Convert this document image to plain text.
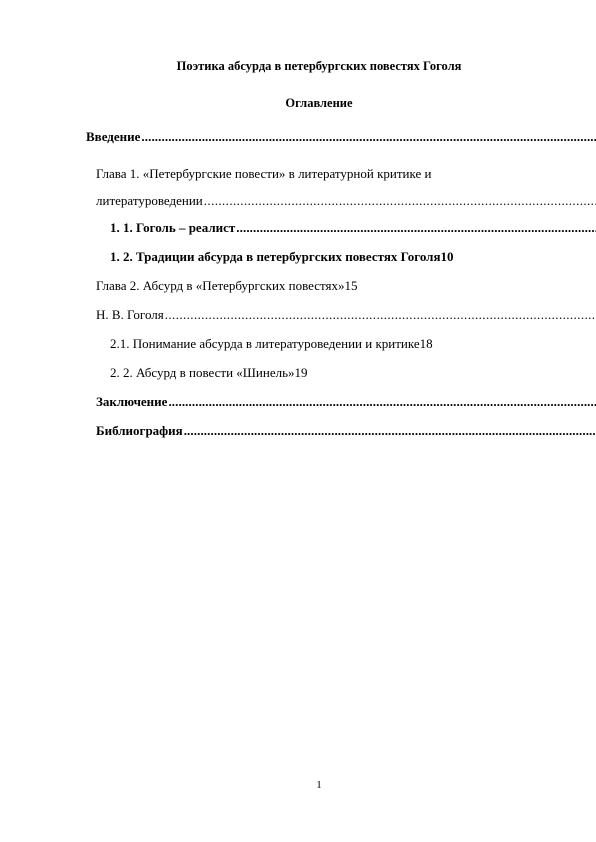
Поэтика абсурда в петербургских повестях Гоголя
Оглавление
Введение
.....
Глава 1. «Петербургские повести» в литературной критике и
литературоведении
.....
1. 1. Гоголь – реалист
.....
1. 2. Традиции абсурда в петербургских повестях Гоголя10
Глава 2. Абсурд в «Петербургских повестях»15
Н. В. Гоголя
.....
2.1. Понимание абсурда в литературоведении и критике18
2. 2. Абсурд в повести «Шинель»19
Заключение
.....
Библиография
.....
1
